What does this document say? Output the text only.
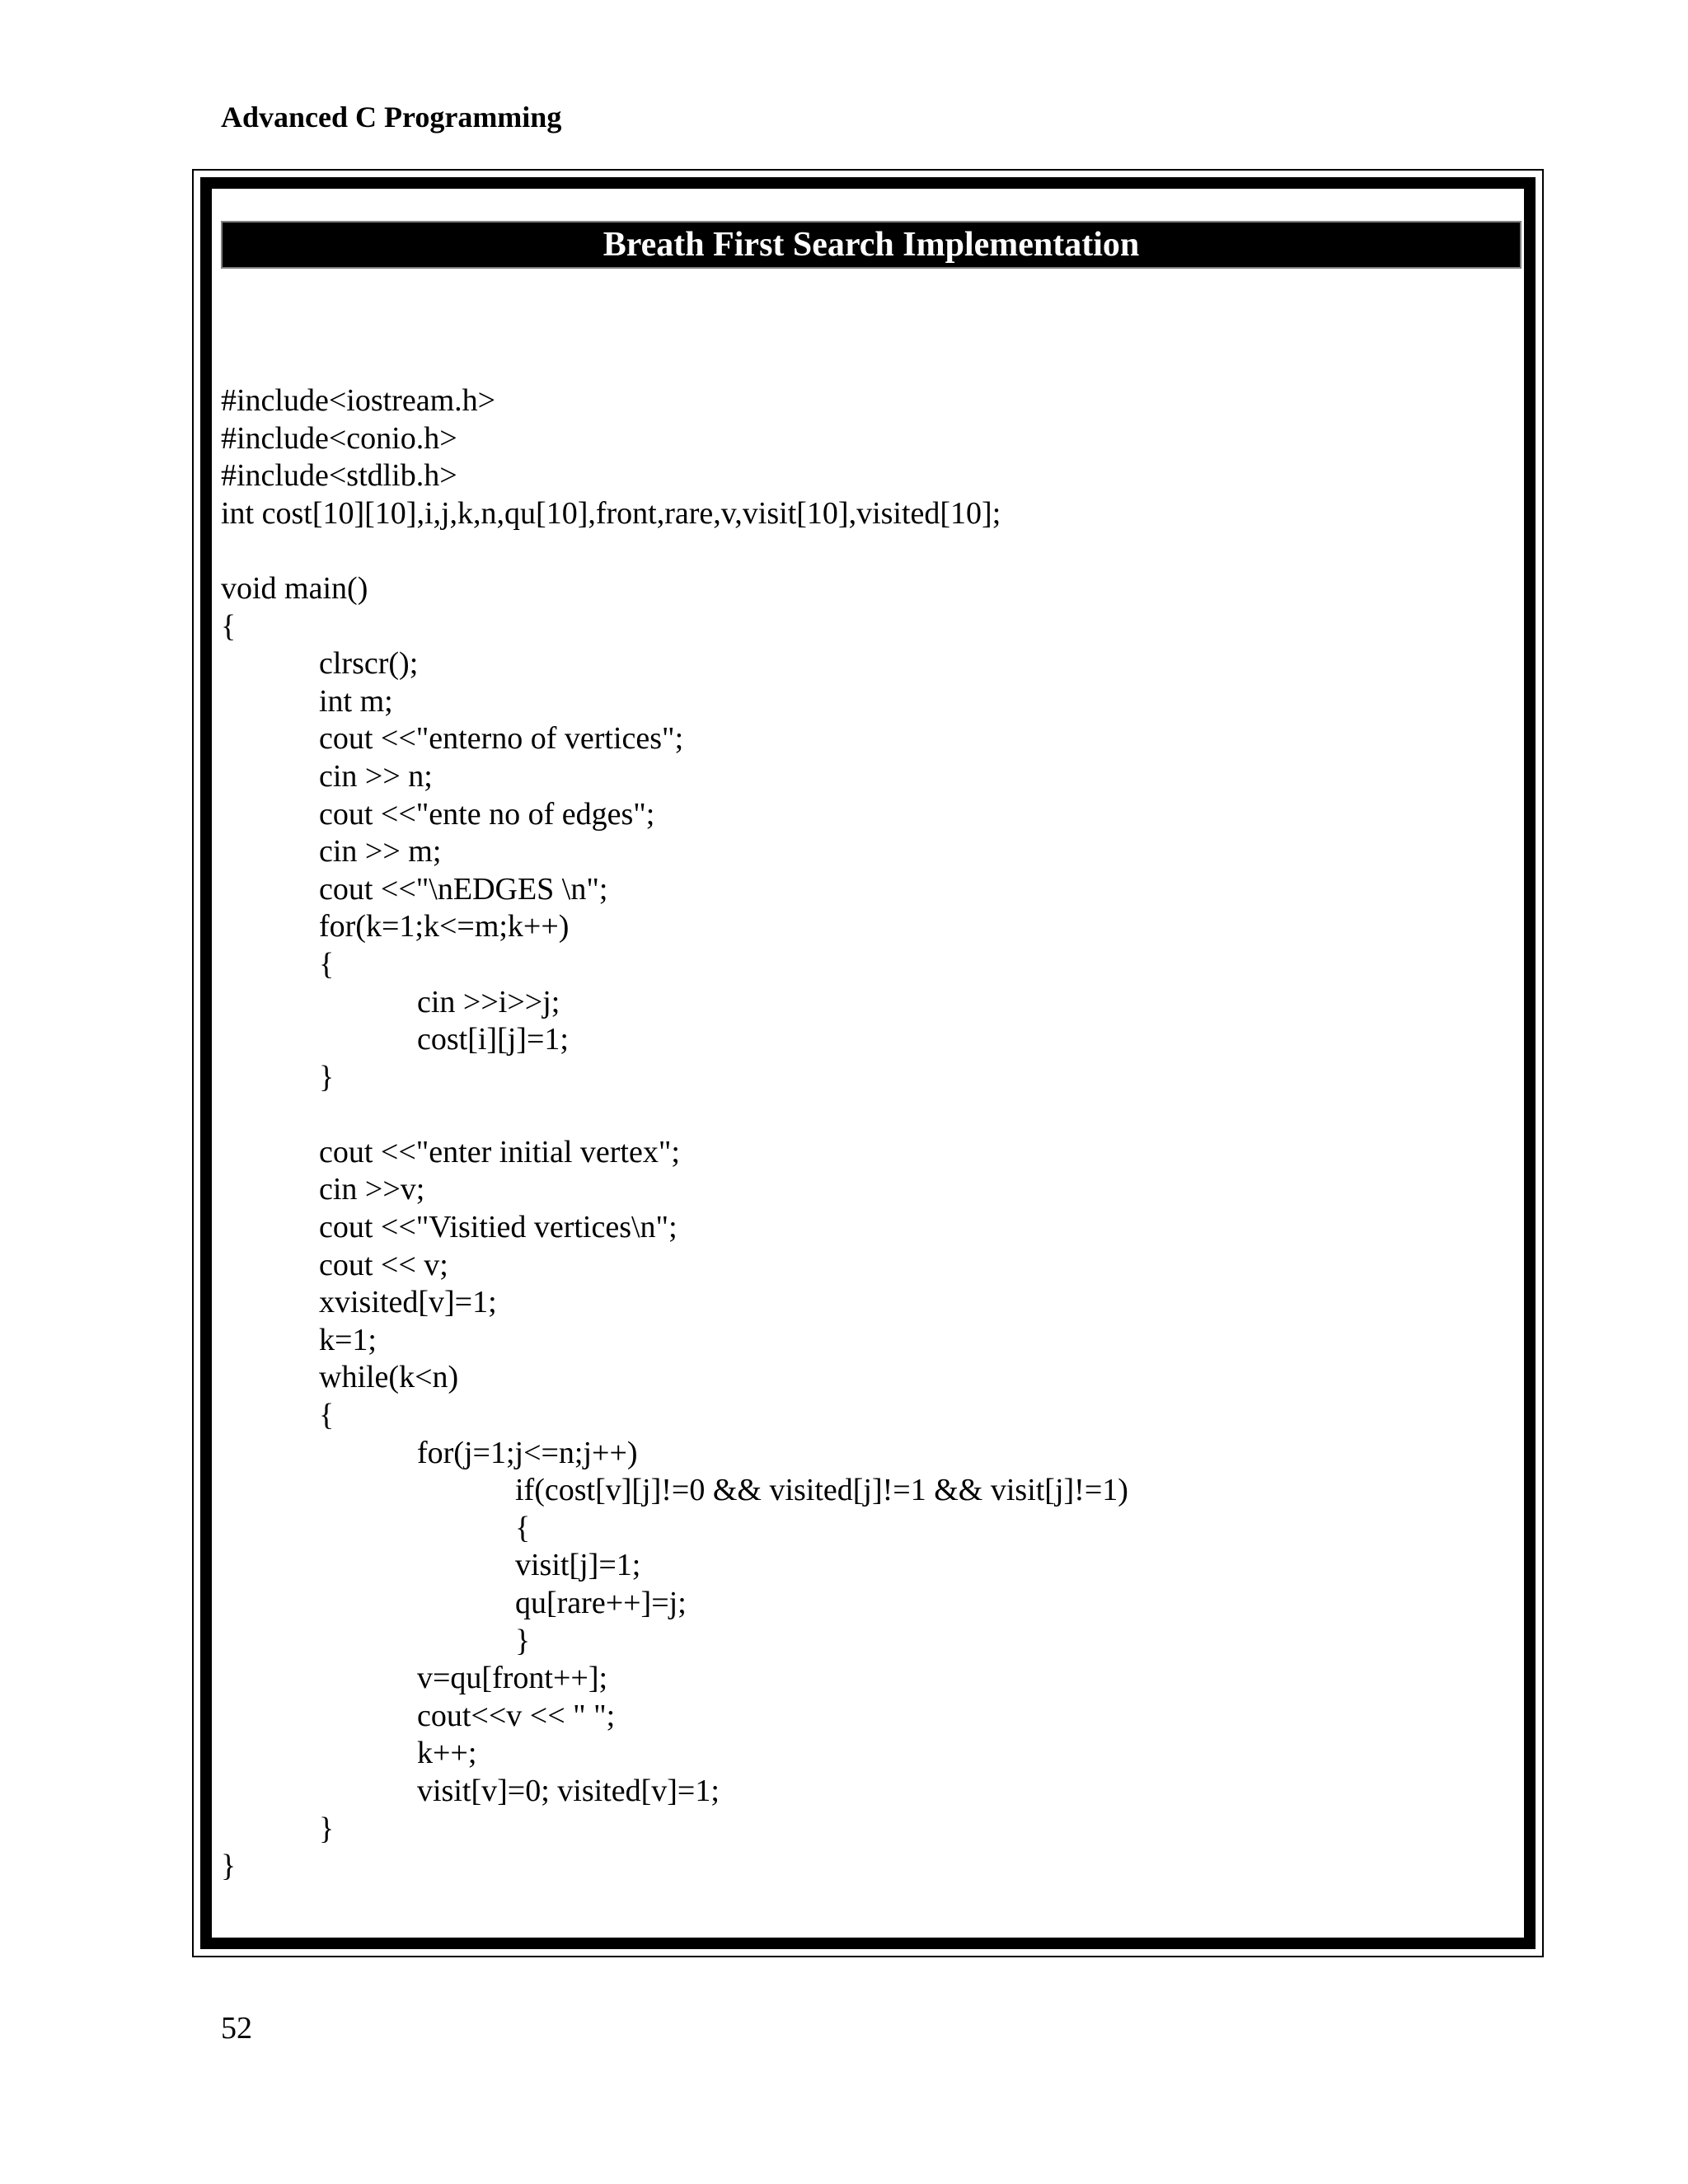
Advanced C Programming
Breath First Search Implementation
#include<iostream.h>
#include<conio.h>
#include<stdlib.h>
int cost[10][10],i,j,k,n,qu[10],front,rare,v,visit[10],visited[10];
void main()
{
clrscr();
int m;
cout <<"enterno of vertices";
cin >> n;
cout <<"ente no of edges";
cin >> m;
cout <<"\nEDGES \n";
for(k=1;k<=m;k++)
{
cin >>i>>j;
cost[i][j]=1;
}
cout <<"enter initial vertex";
cin >>v;
cout <<"Visitied vertices\n";
cout << v;
xvisited[v]=1;
k=1;
while(k<n)
{
for(j=1;j<=n;j++)
if(cost[v][j]!=0 && visited[j]!=1 && visit[j]!=1)
{
visit[j]=1;
qu[rare++]=j;
}
v=qu[front++];
cout<<v << " ";
k++;
visit[v]=0; visited[v]=1;
}
}
52
